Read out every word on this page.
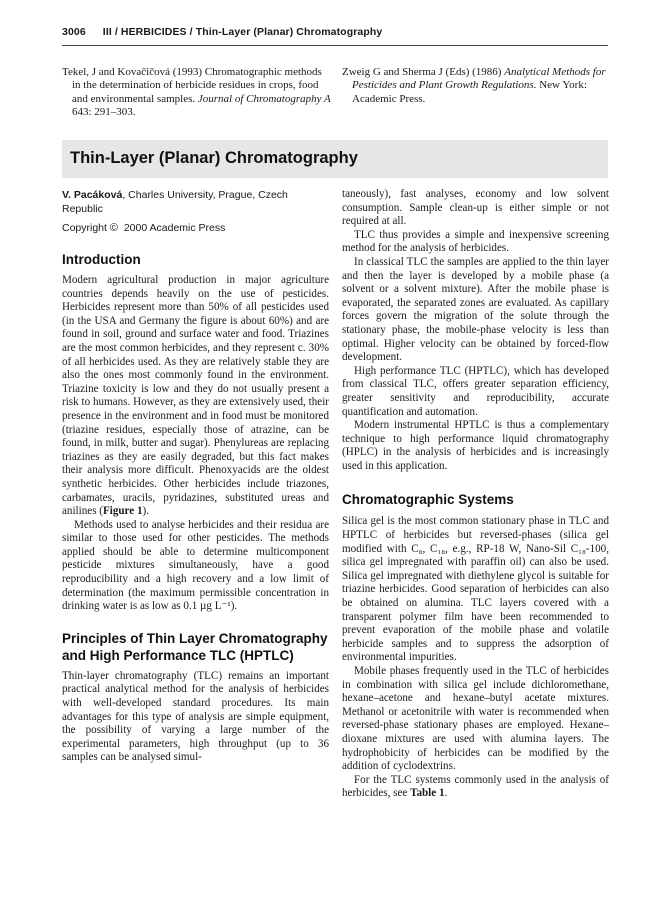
3006 III / HERBICIDES / Thin-Layer (Planar) Chromatography

Tekel, J and Kovačičová (1993) Chromatographic methods in the determination of herbicide residues in crops, food and environmental samples. Journal of Chromatography A 643: 291–303.

Zweig G and Sherma J (Eds) (1986) Analytical Methods for Pesticides and Plant Growth Regulations. New York: Academic Press.

Thin-Layer (Planar) Chromatography

V. Pacáková, Charles University, Prague, Czech Republic

Copyright © 2000 Academic Press

Introduction

Modern agricultural production in major agriculture countries depends heavily on the use of pesticides. Herbicides represent more than 50% of all pesticides used (in the USA and Germany the figure is about 60%) and are found in soil, ground and surface water and food. Triazines are the most common herbicides, and they represent c. 30% of all herbicides used. As they are relatively stable they are also the ones most commonly found in the environment. Triazine toxicity is low and they do not usually present a risk to humans. However, as they are extensively used, their presence in the environment and in food must be monitored (triazine residues, especially those of atrazine, can be found, in milk, butter and sugar). Phenylureas are replacing triazines as they are easily degraded, but this fact makes their analysis more difficult. Phenoxyacids are the oldest synthetic herbicides. Other herbicides include triazones, carbamates, uracils, pyridazines, substituted ureas and anilines (Figure 1).

Methods used to analyse herbicides and their residua are similar to those used for other pesticides. The methods applied should be able to determine multicomponent pesticide mixtures simultaneously, have a good reproducibility and a high recovery and a low limit of determination (the maximum permissible concentration in drinking water is as low as 0.1 µg L⁻¹).

Principles of Thin Layer Chromatography and High Performance TLC (HPTLC)

Thin-layer chromatography (TLC) remains an important practical analytical method for the analysis of herbicides with well-developed standard procedures. Its main advantages for this type of analysis are simple equipment, the possibility of varying a large number of the experimental parameters, high throughput (up to 36 samples can be analysed simul-

taneously), fast analyses, economy and low solvent consumption. Sample clean-up is either simple or not required at all.

TLC thus provides a simple and inexpensive screening method for the analysis of herbicides.

In classical TLC the samples are applied to the thin layer and then the layer is developed by a mobile phase (a solvent or a solvent mixture). After the mobile phase is evaporated, the separated zones are evaluated. As capillary forces govern the migration of the solute through the stationary phase, the mobile-phase velocity is less than optimal. Higher velocity can be obtained by forced-flow development.

High performance TLC (HPTLC), which has developed from classical TLC, offers greater separation efficiency, greater sensitivity and reproducibility, accurate quantification and automation.

Modern instrumental HPTLC is thus a complementary technique to high performance liquid chromatography (HPLC) in the analysis of herbicides and is increasingly used in this application.

Chromatographic Systems

Silica gel is the most common stationary phase in TLC and HPTLC of herbicides but reversed-phases (silica gel modified with C₈, C₁₈, e.g., RP-18 W, Nano-Sil C₁₈-100, silica gel impregnated with paraffin oil) can also be used. Silica gel impregnated with diethylene glycol is suitable for triazine herbicides. Good separation of herbicides can also be obtained on alumina. TLC layers covered with a transparent polymer film have been recommended to prevent evaporation of the mobile phase and volatile herbicide samples and to suppress the adsorption of environmental impurities.

Mobile phases frequently used in the TLC of herbicides in combination with silica gel include dichloromethane, hexane–acetone and hexane–butyl acetate mixtures. Methanol or acetonitrile with water is recommended when reversed-phase stationary phases are employed. Hexane–dioxane mixtures are used with alumina layers. The hydrophobicity of herbicides can be modified by the addition of cyclodextrins.

For the TLC systems commonly used in the analysis of herbicides, see Table 1.
